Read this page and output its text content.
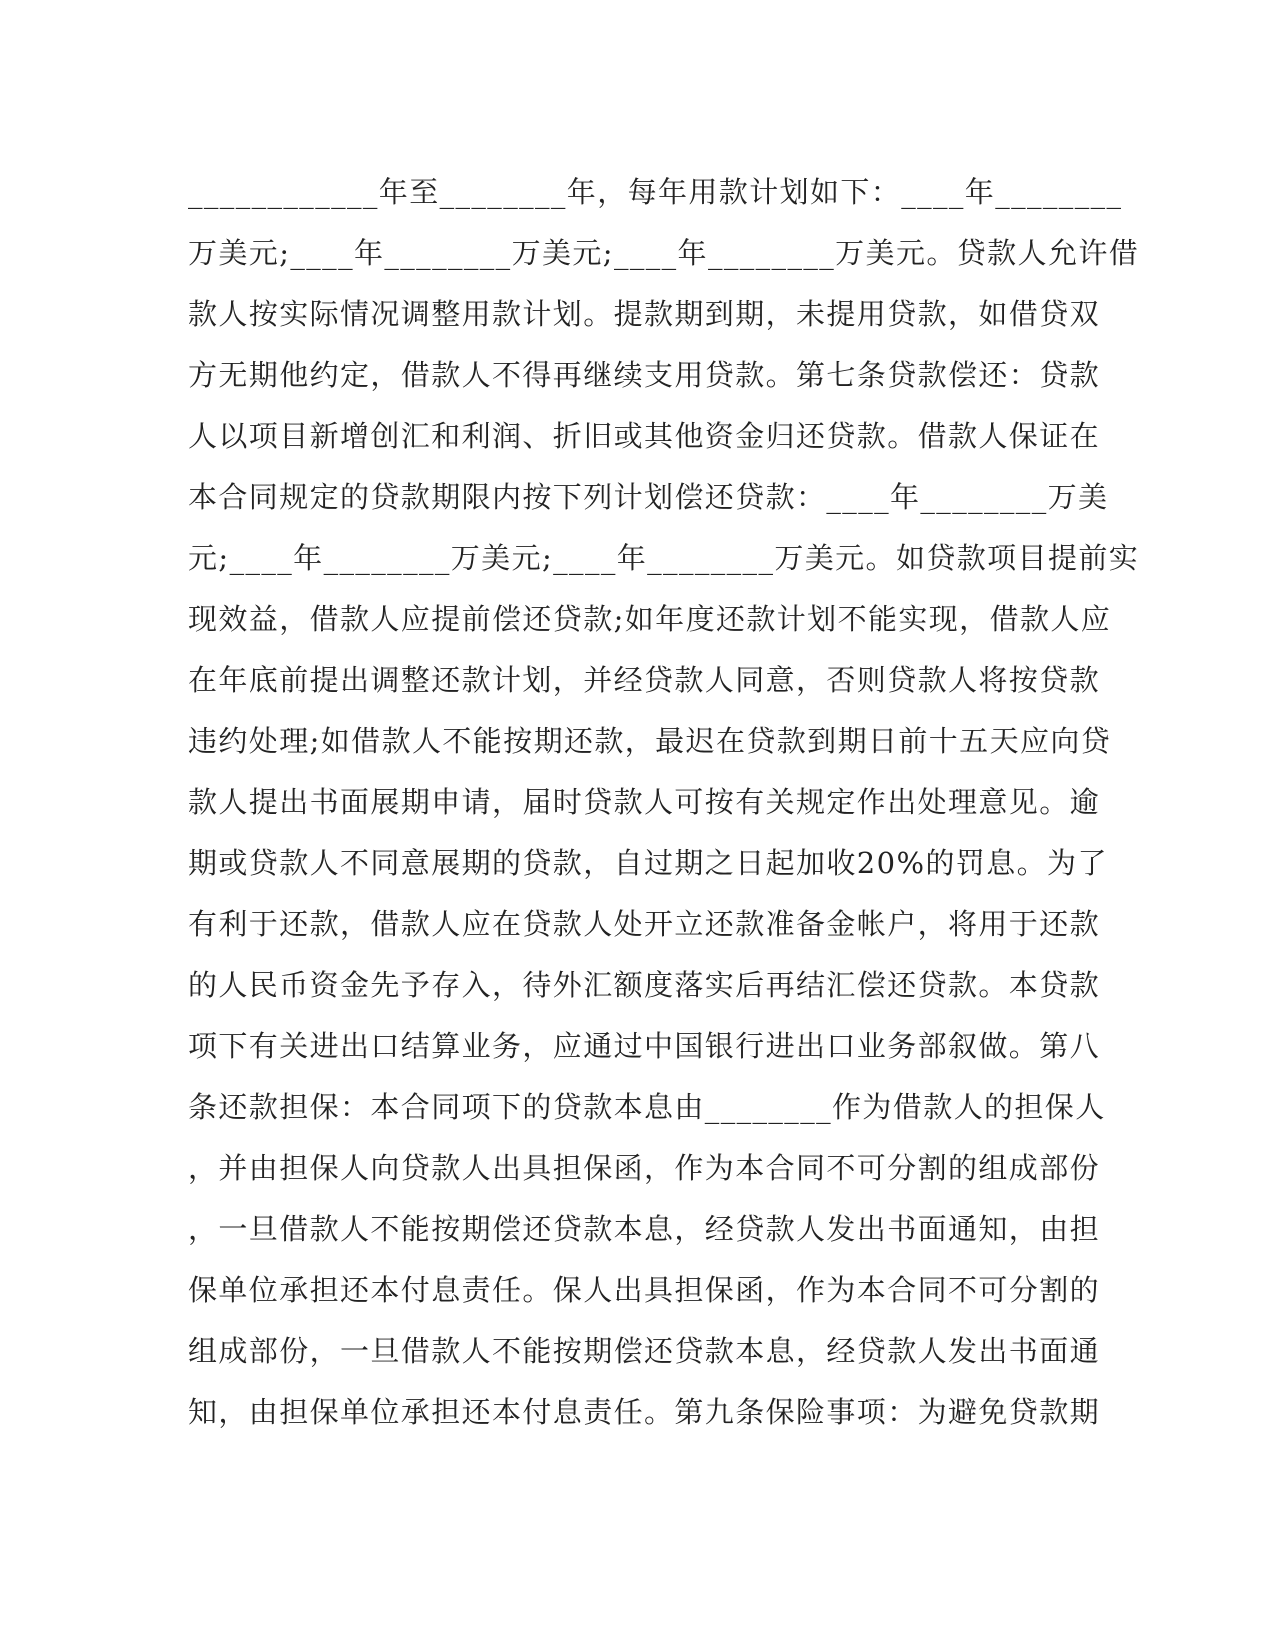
____________年至________年，每年用款计划如下：____年________
万美元;____年________万美元;____年________万美元。贷款人允许借
款人按实际情况调整用款计划。提款期到期，未提用贷款，如借贷双
方无期他约定，借款人不得再继续支用贷款。第七条贷款偿还：贷款
人以项目新增创汇和利润、折旧或其他资金归还贷款。借款人保证在
本合同规定的贷款期限内按下列计划偿还贷款：____年________万美
元;____年________万美元;____年________万美元。如贷款项目提前实
现效益，借款人应提前偿还贷款;如年度还款计划不能实现，借款人应
在年底前提出调整还款计划，并经贷款人同意，否则贷款人将按贷款
违约处理;如借款人不能按期还款，最迟在贷款到期日前十五天应向贷
款人提出书面展期申请，届时贷款人可按有关规定作出处理意见。逾
期或贷款人不同意展期的贷款，自过期之日起加收20%的罚息。为了
有利于还款，借款人应在贷款人处开立还款准备金帐户，将用于还款
的人民币资金先予存入，待外汇额度落实后再结汇偿还贷款。本贷款
项下有关进出口结算业务，应通过中国银行进出口业务部叙做。第八
条还款担保：本合同项下的贷款本息由________作为借款人的担保人
，并由担保人向贷款人出具担保函，作为本合同不可分割的组成部份
，一旦借款人不能按期偿还贷款本息，经贷款人发出书面通知，由担
保单位承担还本付息责任。保人出具担保函，作为本合同不可分割的
组成部份，一旦借款人不能按期偿还贷款本息，经贷款人发出书面通
知，由担保单位承担还本付息责任。第九条保险事项：为避免贷款期
